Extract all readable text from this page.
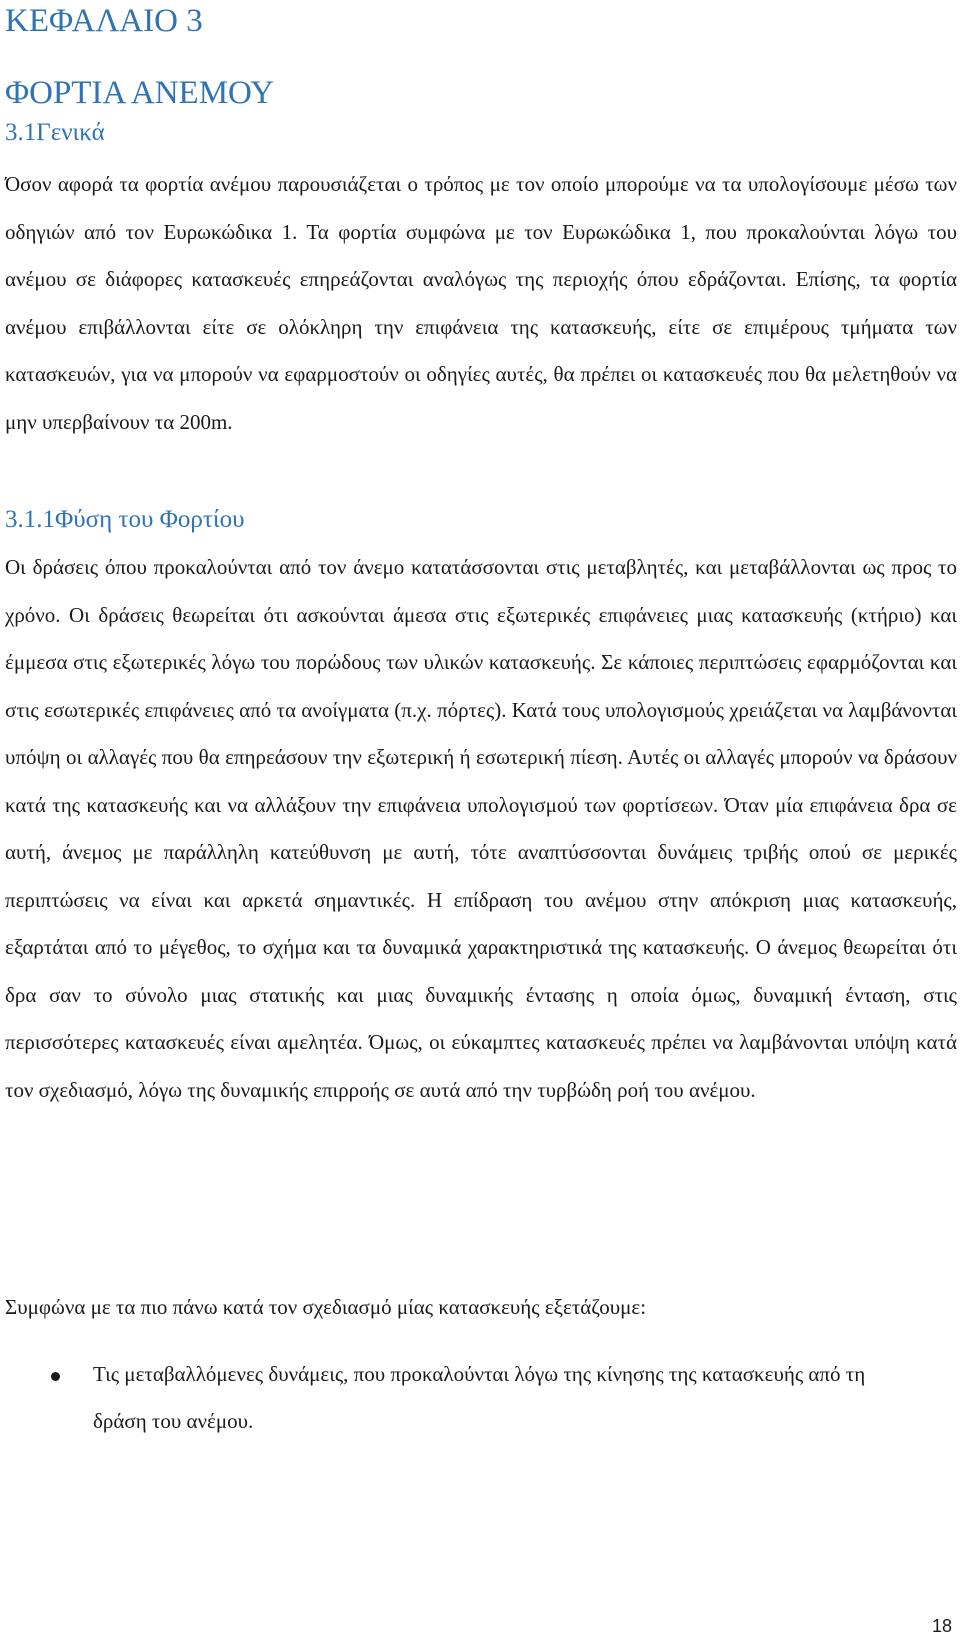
ΚΕΦΑΛΑΙΟ 3
ΦΟΡΤΙΑ ΑΝΕΜΟΥ
3.1Γενικά

Όσον αφορά τα φορτία ανέμου παρουσιάζεται ο τρόπος με τον οποίο μπορούμε να τα υπολογίσουμε μέσω των οδηγιών από τον Ευρωκώδικα 1. Τα φορτία συμφώνα με τον Ευρωκώδικα 1, που προκαλούνται λόγω του ανέμου σε διάφορες κατασκευές επηρεάζονται αναλόγως της περιοχής όπου εδράζονται. Επίσης, τα φορτία ανέμου επιβάλλονται είτε σε ολόκληρη την επιφάνεια της κατασκευής, είτε σε επιμέρους τμήματα των κατασκευών, για να μπορούν να εφαρμοστούν οι οδηγίες αυτές, θα πρέπει οι κατασκευές που θα μελετηθούν να μην υπερβαίνουν τα 200m.

3.1.1Φύση του Φορτίου

Οι δράσεις όπου προκαλούνται από τον άνεμο κατατάσσονται στις μεταβλητές, και μεταβάλλονται ως προς το χρόνο. Οι δράσεις θεωρείται ότι ασκούνται άμεσα στις εξωτερικές επιφάνειες μιας κατασκευής (κτήριο) και έμμεσα στις εξωτερικές λόγω του πορώδους των υλικών κατασκευής. Σε κάποιες περιπτώσεις εφαρμόζονται και στις εσωτερικές επιφάνειες από τα ανοίγματα (π.χ. πόρτες). Κατά τους υπολογισμούς χρειάζεται να λαμβάνονται υπόψη οι αλλαγές που θα επηρεάσουν την εξωτερική ή εσωτερική πίεση. Αυτές οι αλλαγές μπορούν να δράσουν κατά της κατασκευής και να αλλάξουν την επιφάνεια υπολογισμού των φορτίσεων. Όταν μία επιφάνεια δρα σε αυτή, άνεμος με παράλληλη κατεύθυνση με αυτή, τότε αναπτύσσονται δυνάμεις τριβής οπού σε μερικές περιπτώσεις να είναι και αρκετά σημαντικές. Η επίδραση του ανέμου στην απόκριση μιας κατασκευής, εξαρτάται από το μέγεθος, το σχήμα και τα δυναμικά χαρακτηριστικά της κατασκευής. Ο άνεμος θεωρείται ότι δρα σαν το σύνολο μιας στατικής και μιας δυναμικής έντασης η οποία όμως, δυναμική ένταση, στις περισσότερες κατασκευές είναι αμελητέα. Όμως, οι εύκαμπτες κατασκευές πρέπει να λαμβάνονται υπόψη κατά τον σχεδιασμό, λόγω της δυναμικής επιρροής σε αυτά από την τυρβώδη ροή του ανέμου.

Συμφώνα με τα πιο πάνω κατά τον σχεδιασμό μίας κατασκευής εξετάζουμε:

Τις μεταβαλλόμενες δυνάμεις, που προκαλούνται λόγω της κίνησης της κατασκευής από τη δράση του ανέμου.
18
